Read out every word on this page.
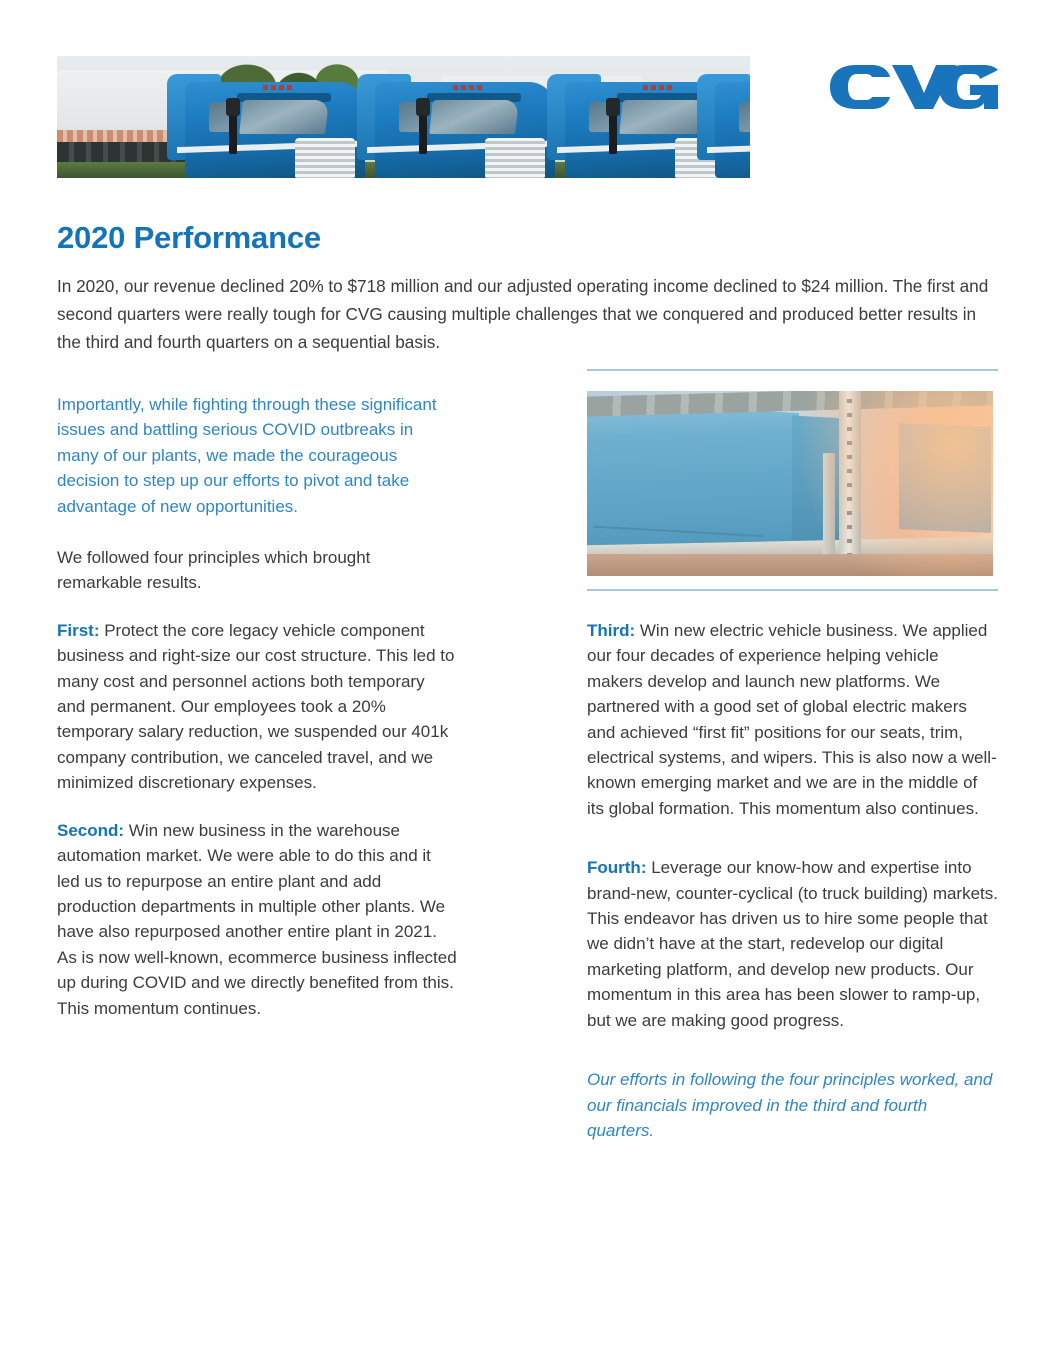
2020 Performance
In 2020, our revenue declined 20% to $718 million and our adjusted operating income declined to $24 million. The first and second quarters were really tough for CVG causing multiple challenges that we conquered and produced better results in the third and fourth quarters on a sequential basis.

Importantly, while fighting through these significant issues and battling serious COVID outbreaks in many of our plants, we made the courageous decision to step up our efforts to pivot and take advantage of new opportunities.

We followed four principles which brought remarkable results.

First: Protect the core legacy vehicle component business and right-size our cost structure. This led to many cost and personnel actions both temporary and permanent. Our employees took a 20% temporary salary reduction, we suspended our 401k company contribution, we canceled travel, and we minimized discretionary expenses.

Second: Win new business in the warehouse automation market. We were able to do this and it led us to repurpose an entire plant and add production departments in multiple other plants. We have also repurposed another entire plant in 2021. As is now well-known, ecommerce business inflected up during COVID and we directly benefited from this.
This momentum continues.

Third: Win new electric vehicle business. We applied our four decades of experience helping vehicle makers develop and launch new platforms. We partnered with a good set of global electric makers and achieved “first fit” positions for our seats, trim, electrical systems, and wipers. This is also now a well-known emerging market and we are in the middle of its global formation. This momentum also continues.

Fourth: Leverage our know-how and expertise into brand-new, counter-cyclical (to truck building) markets. This endeavor has driven us to hire some people that we didn’t have at the start, redevelop our digital marketing platform, and develop new products. Our momentum in this area has been slower to ramp-up, but we are making good progress.

Our efforts in following the four principles worked, and our financials improved in the third and fourth quarters.
